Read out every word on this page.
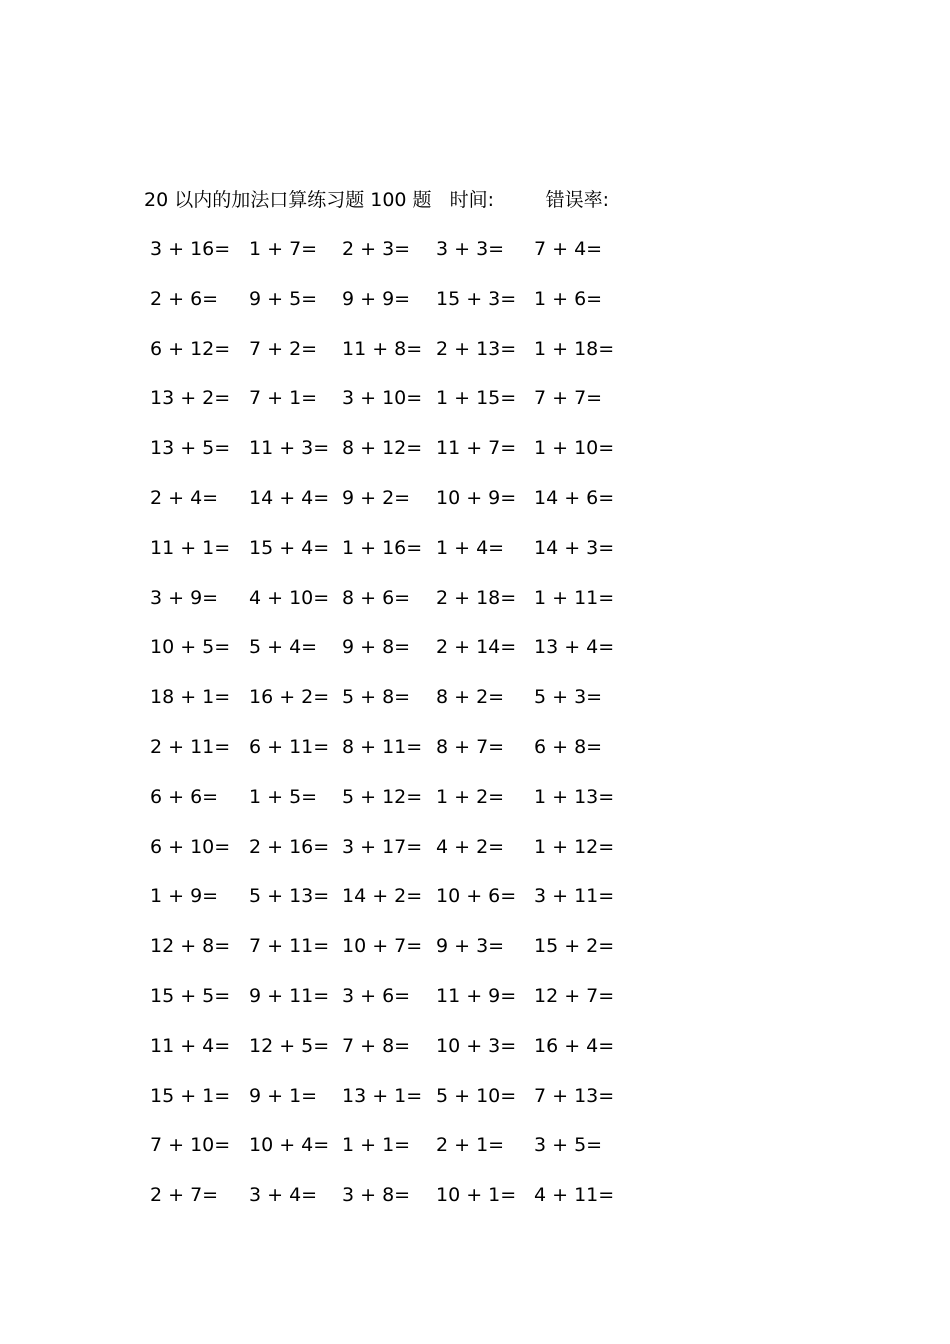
20 以内的加法口算练习题 100 题 时间:	错误率:
3 + 16= 1 + 7= 2 + 3= 3 + 3= 7 + 4=
2 + 6= 9 + 5= 9 + 9= 15 + 3= 1 + 6=
6 + 12= 7 + 2= 11 + 8= 2 + 13= 1 + 18=
13 + 2= 7 + 1= 3 + 10= 1 + 15= 7 + 7=
13 + 5= 11 + 3= 8 + 12= 11 + 7= 1 + 10=
2 + 4= 14 + 4= 9 + 2= 10 + 9= 14 + 6=
11 + 1= 15 + 4= 1 + 16= 1 + 4= 14 + 3=
3 + 9= 4 + 10= 8 + 6= 2 + 18= 1 + 11=
10 + 5= 5 + 4= 9 + 8= 2 + 14= 13 + 4=
18 + 1= 16 + 2= 5 + 8= 8 + 2= 5 + 3=
2 + 11= 6 + 11= 8 + 11= 8 + 7= 6 + 8=
6 + 6= 1 + 5= 5 + 12= 1 + 2= 1 + 13=
6 + 10= 2 + 16= 3 + 17= 4 + 2= 1 + 12=
1 + 9= 5 + 13= 14 + 2= 10 + 6= 3 + 11=
12 + 8= 7 + 11= 10 + 7= 9 + 3= 15 + 2=
15 + 5= 9 + 11= 3 + 6= 11 + 9= 12 + 7=
11 + 4= 12 + 5= 7 + 8= 10 + 3= 16 + 4=
15 + 1= 9 + 1= 13 + 1= 5 + 10= 7 + 13=
7 + 10= 10 + 4= 1 + 1= 2 + 1= 3 + 5=
2 + 7= 3 + 4= 3 + 8= 10 + 1= 4 + 11=
